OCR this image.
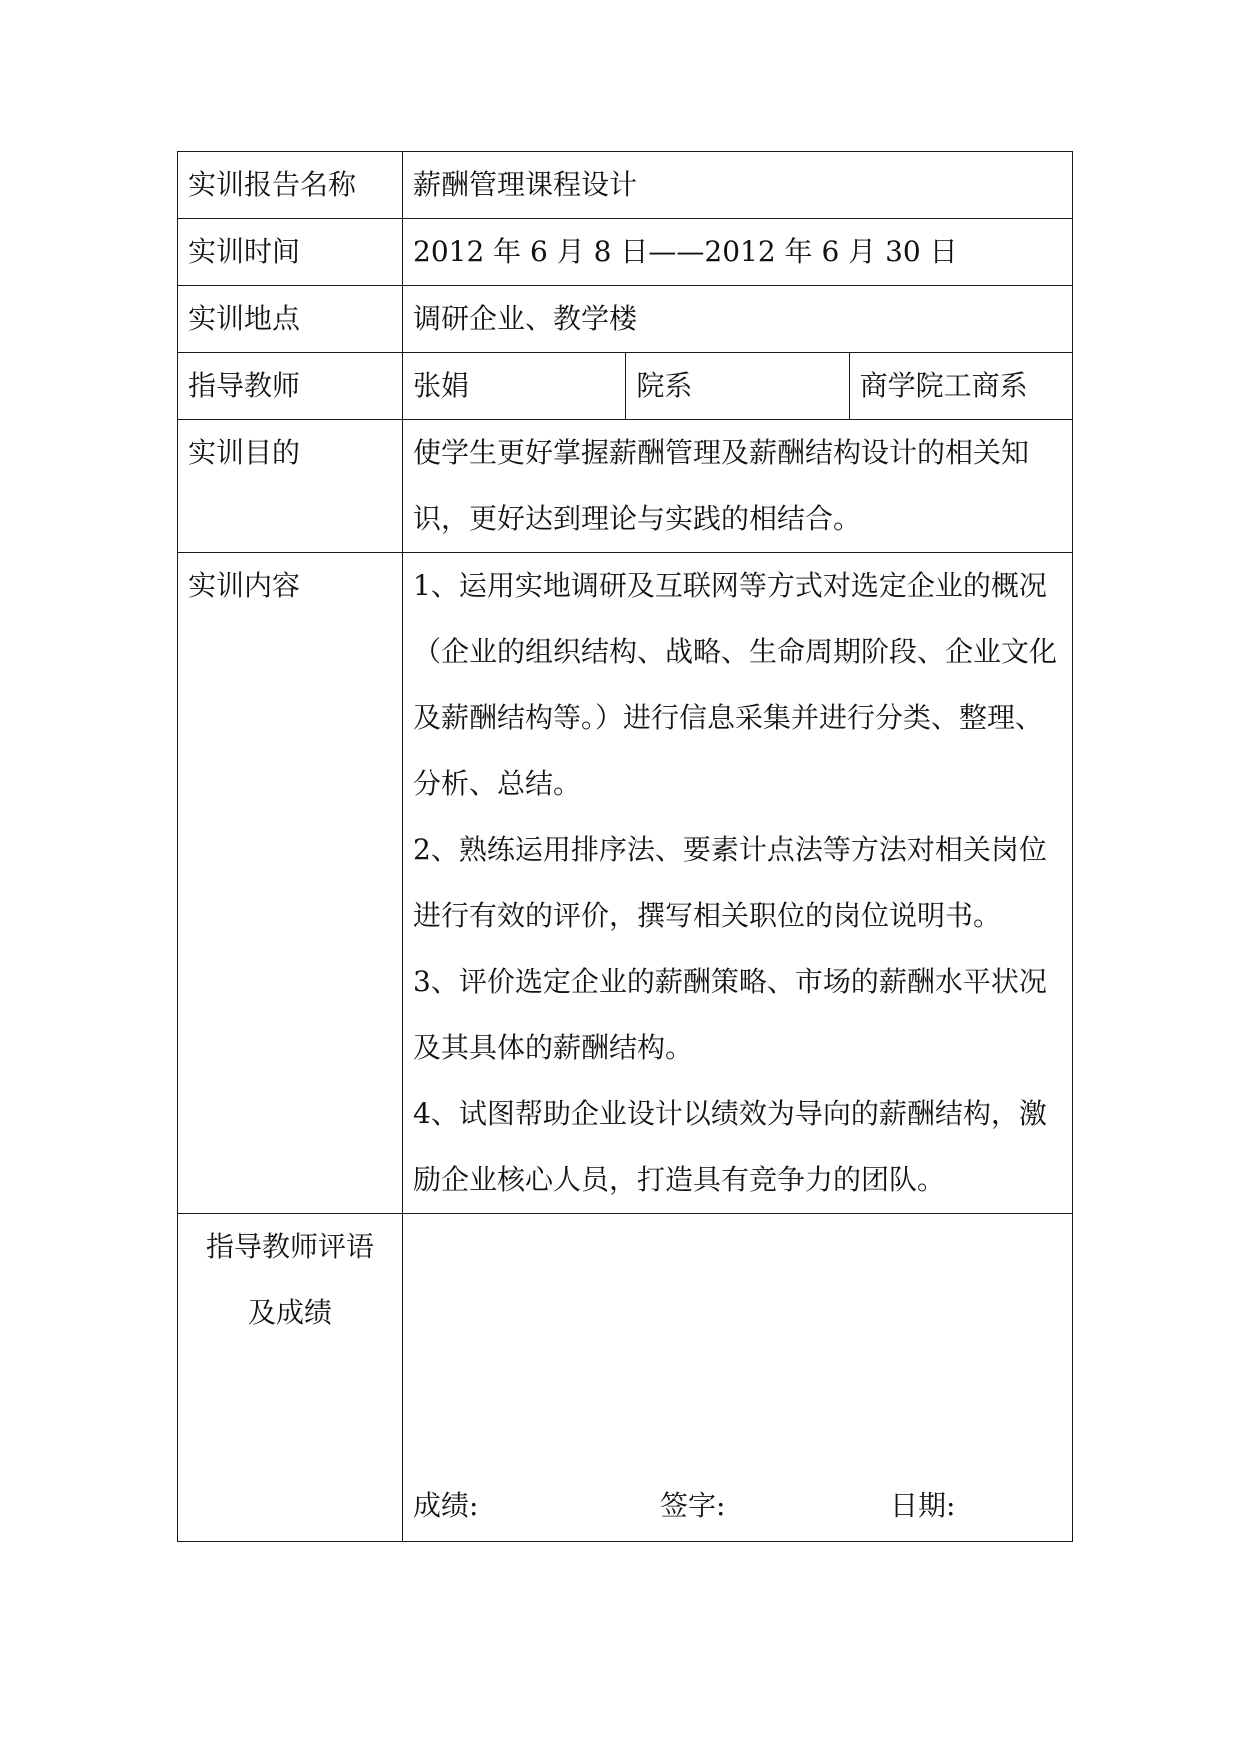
实训报告名称	薪酬管理课程设计		
实训时间	2012 年 6 月 8 日——2012 年 6 月 30 日		
实训地点	调研企业、教学楼		
指导教师	张娟	院系	商学院工商系
实训目的	使学生更好掌握薪酬管理及薪酬结构设计的相关知识，更好达到理论与实践的相结合。		
实训内容	1、运用实地调研及互联网等方式对选定企业的概况（企业的组织结构、战略、生命周期阶段、企业文化及薪酬结构等。）进行信息采集并进行分类、整理、分析、总结。
2、熟练运用排序法、要素计点法等方法对相关岗位进行有效的评价，撰写相关职位的岗位说明书。
3、评价选定企业的薪酬策略、市场的薪酬水平状况及其具体的薪酬结构。
4、试图帮助企业设计以绩效为导向的薪酬结构，激励企业核心人员，打造具有竞争力的团队。		

指导教师评语
及成绩	成绩: 签字: 日期:		
